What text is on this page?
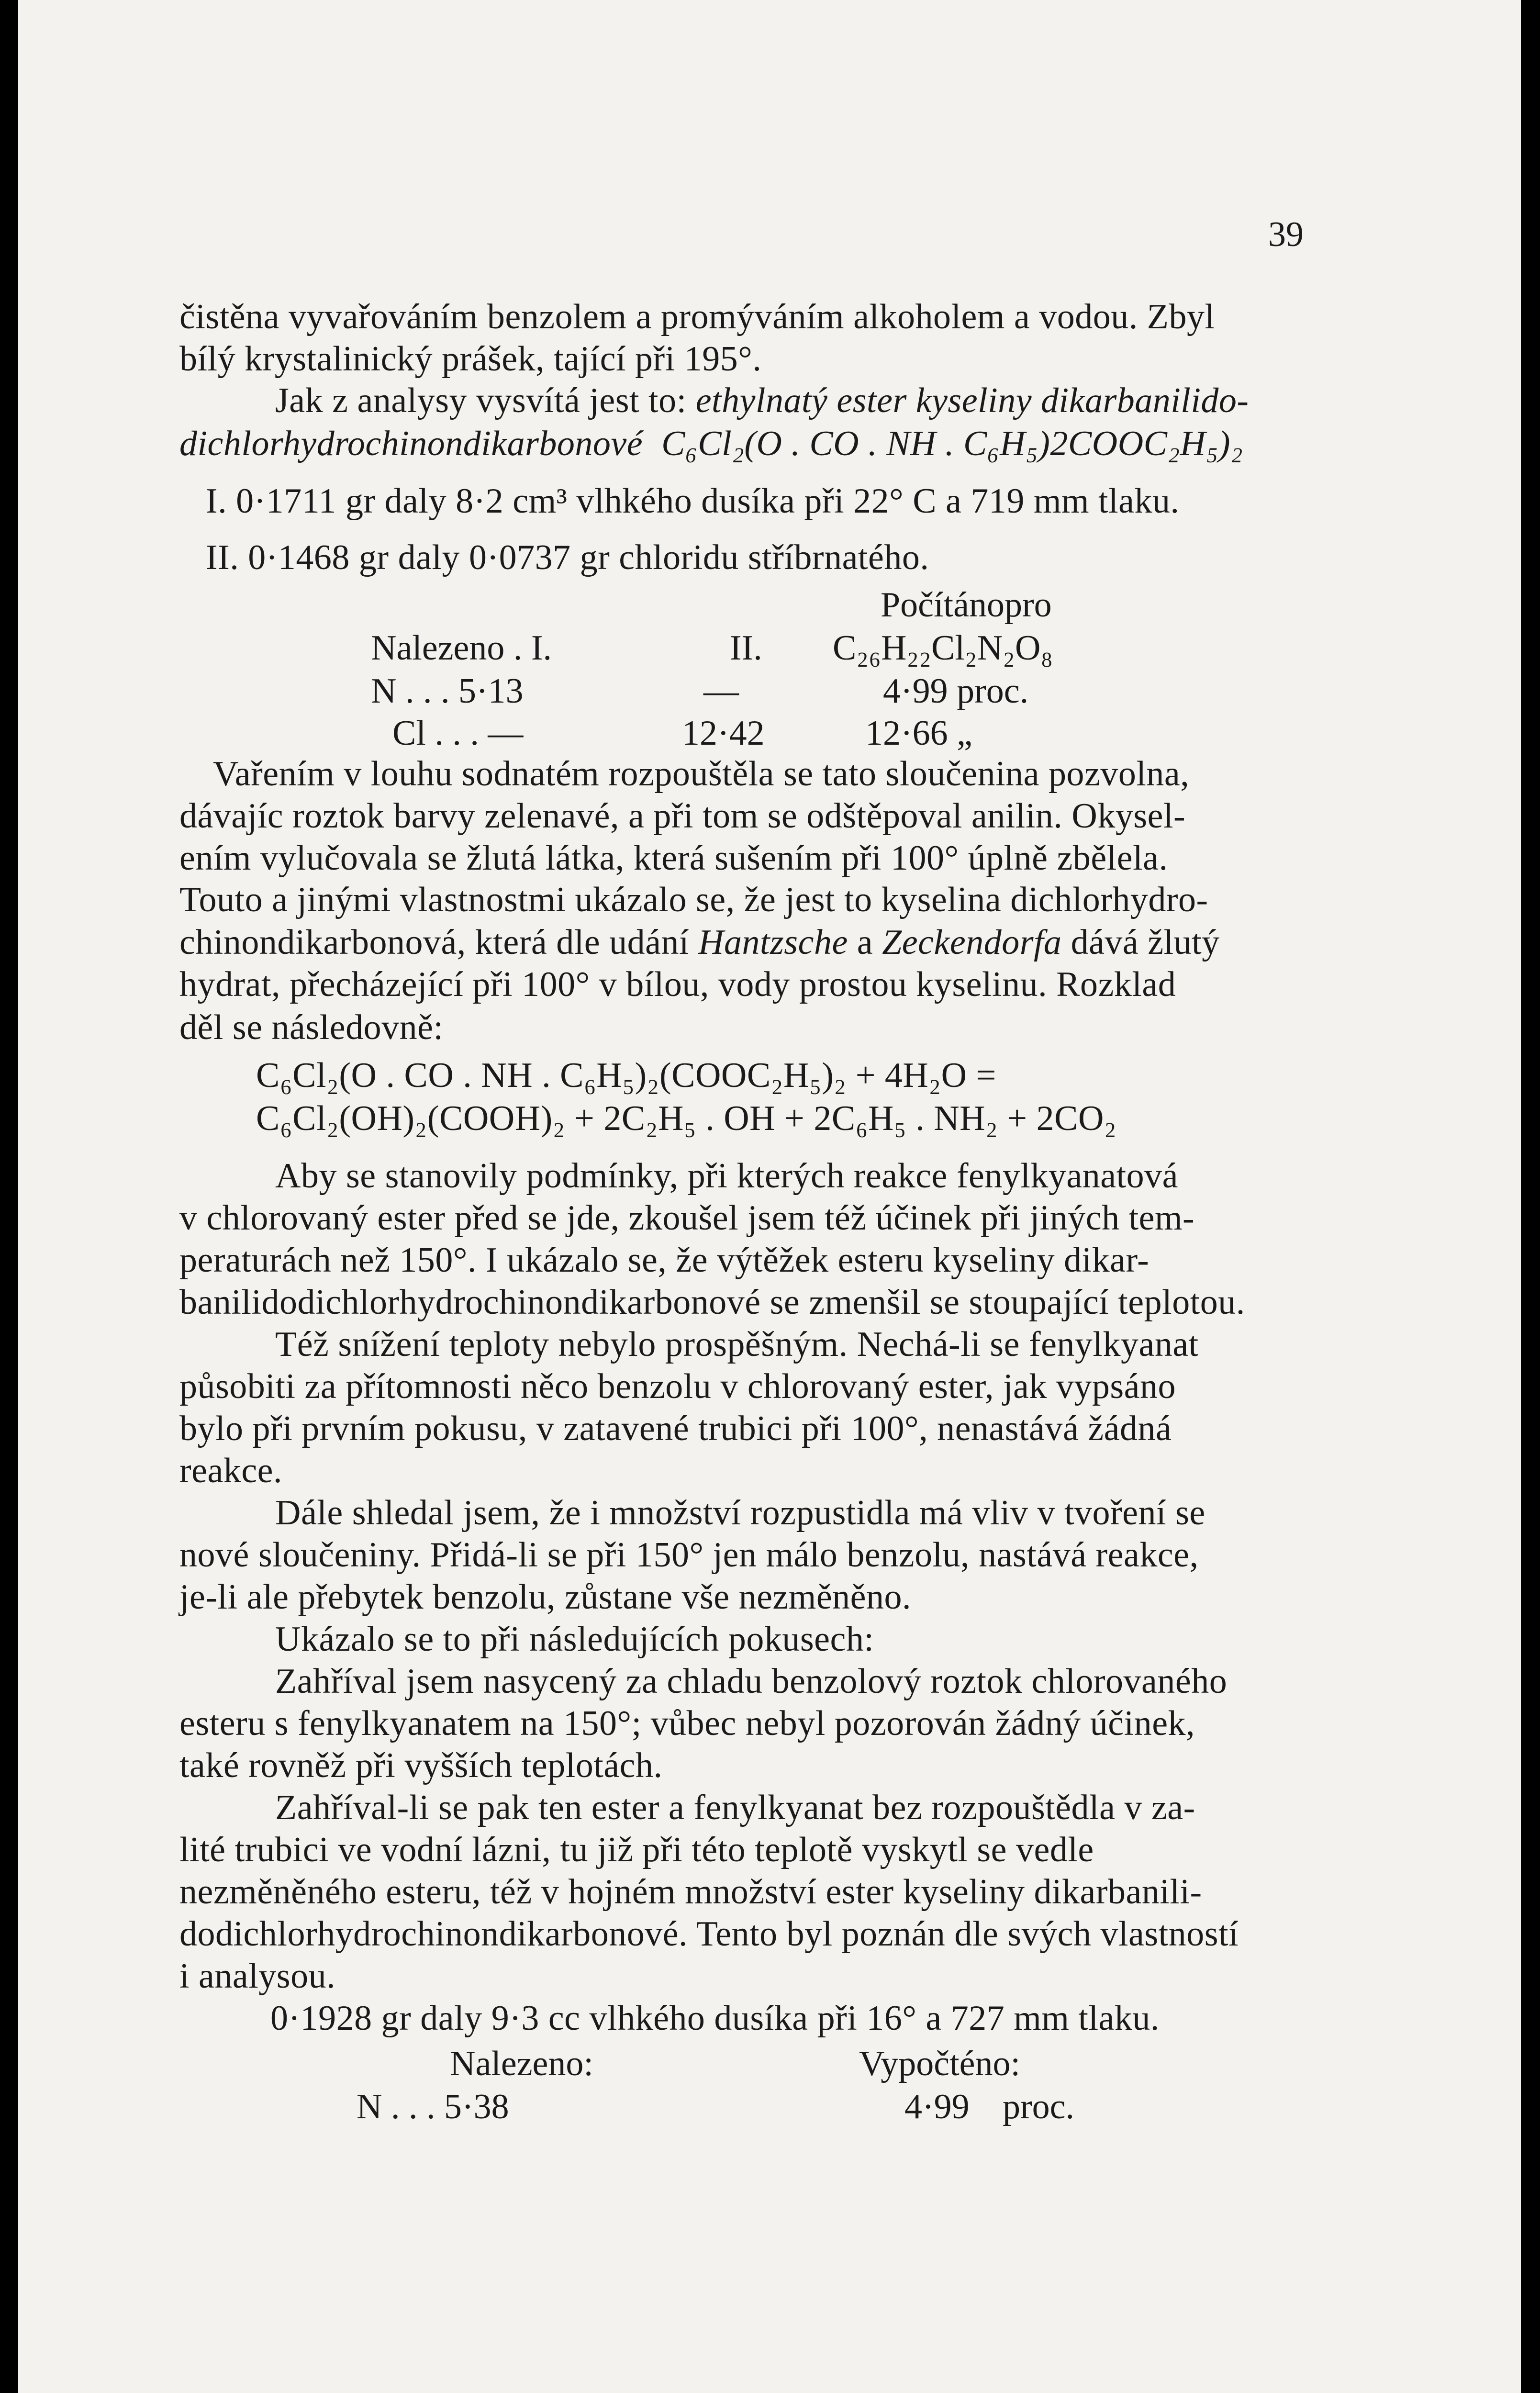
39
čistěna vyvařováním benzolem a promýváním alkoholem a vodou. Zbyl
bílý krystalinický prášek, tající při 195°.
Jak z analysy vysvítá jest to: ethylnatý ester kyseliny dikarbanilido-
dichlorhydrochinondikarbonové C₆Cl₂(O . CO . NH . C₆H₅)2COOC₂H₅)₂
I. 0·1711 gr daly 8·2 cm³ vlhkého dusíka při 22° C a 719 mm tlaku.
II. 0·1468 gr daly 0·0737 gr chloridu stříbrnatého.
Počítánopro
Nalezeno . I.	II. C₂₆H₂₂Cl₂N₂O₈
N . . . 5·13	—	4·99 proc.
Cl . . . —	12·42	12·66 „
Vařením v louhu sodnatém rozpouštěla se tato sloučenina pozvolna,
dávajíc roztok barvy zelenavé, a při tom se odštěpoval anilin. Okysel-
ením vylučovala se žlutá látka, která sušením při 100° úplně zbělela.
Touto a jinými vlastnostmi ukázalo se, že jest to kyselina dichlorhydro-
chinondikarbonová, která dle udání Hantzsche a Zeckendorfa dává žlutý
hydrat, přecházející při 100° v bílou, vody prostou kyselinu. Rozklad
děl se následovně:
C₆Cl₂(O . CO . NH . C₆H₅)₂(COOC₂H₅)₂ + 4H₂O =
C₆Cl₂(OH)₂(COOH)₂ + 2C₂H₅ . OH + 2C₆H₅ . NH₂ + 2CO₂
Aby se stanovily podmínky, při kterých reakce fenylkyanatová
v chlorovaný ester před se jde, zkoušel jsem též účinek při jiných tem-
peraturách než 150°. I ukázalo se, že výtěžek esteru kyseliny dikar-
banilidodichlorhydrochinondikarbonové se zmenšil se stoupající teplotou.
Též snížení teploty nebylo prospěšným. Nechá-li se fenylkyanat
působiti za přítomnosti něco benzolu v chlorovaný ester, jak vypsáno
bylo při prvním pokusu, v zatavené trubici při 100°, nenastává žádná
reakce.
Dále shledal jsem, že i množství rozpustidla má vliv v tvoření se
nové sloučeniny. Přidá-li se při 150° jen málo benzolu, nastává reakce,
je-li ale přebytek benzolu, zůstane vše nezměněno.
Ukázalo se to při následujících pokusech:
Zahříval jsem nasycený za chladu benzolový roztok chlorovaného
esteru s fenylkyanatem na 150°; vůbec nebyl pozorován žádný účinek,
také rovněž při vyšších teplotách.
Zahříval-li se pak ten ester a fenylkyanat bez rozpouštědla v za-
lité trubici ve vodní lázni, tu již při této teplotě vyskytl se vedle
nezměněného esteru, též v hojném množství ester kyseliny dikarbanili-
dodichlorhydrochinondikarbonové. Tento byl poznán dle svých vlastností
i analysou.
0·1928 gr daly 9·3 cc vlhkého dusíka při 16° a 727 mm tlaku.
Nalezeno:	Vypočténo:
N . . . 5·38	4·99 proc.
